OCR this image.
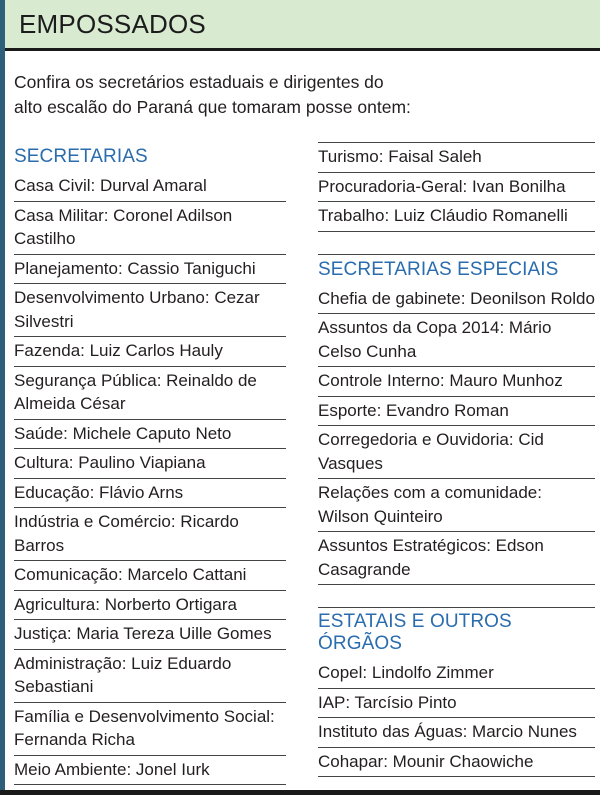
EMPOSSADOS
Confira os secretários estaduais e dirigentes do alto escalão do Paraná que tomaram posse ontem:
SECRETARIAS
Casa Civil: Durval Amaral
Casa Militar: Coronel Adilson Castilho
Planejamento: Cassio Taniguchi
Desenvolvimento Urbano: Cezar Silvestri
Fazenda: Luiz Carlos Hauly
Segurança Pública: Reinaldo de Almeida César
Saúde: Michele Caputo Neto
Cultura: Paulino Viapiana
Educação: Flávio Arns
Indústria e Comércio: Ricardo Barros
Comunicação: Marcelo Cattani
Agricultura: Norberto Ortigara
Justiça: Maria Tereza Uille Gomes
Administração: Luiz Eduardo Sebastiani
Família e Desenvolvimento Social: Fernanda Richa
Meio Ambiente: Jonel Iurk
Turismo: Faisal Saleh
Procuradoria-Geral: Ivan Bonilha
Trabalho: Luiz Cláudio Romanelli
SECRETARIAS ESPECIAIS
Chefia de gabinete: Deonilson Roldo
Assuntos da Copa 2014: Mário Celso Cunha
Controle Interno: Mauro Munhoz
Esporte: Evandro Roman
Corregedoria e Ouvidoria: Cid Vasques
Relações com a comunidade: Wilson Quinteiro
Assuntos Estratégicos: Edson Casagrande
ESTATAIS E OUTROS ÓRGÃOS
Copel: Lindolfo Zimmer
IAP: Tarcísio Pinto
Instituto das Águas: Marcio Nunes
Cohapar: Mounir Chaowiche
